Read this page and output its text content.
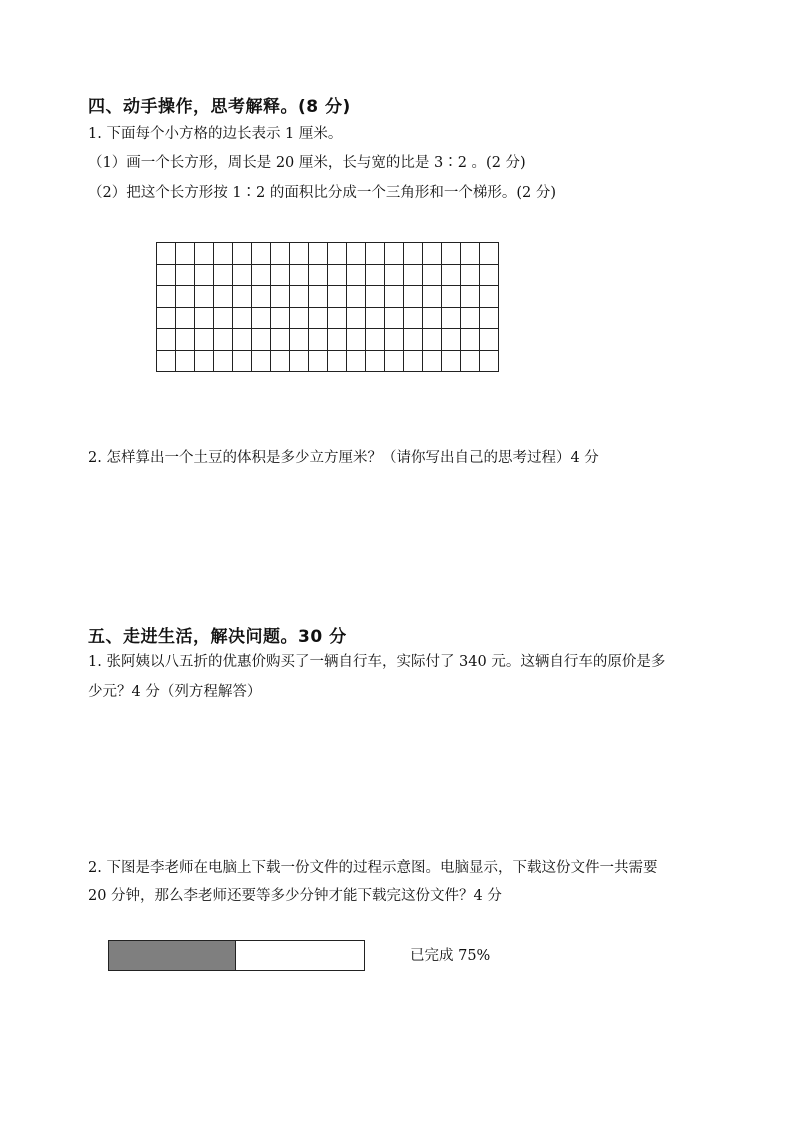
四、动手操作，思考解释。(8 分)
1. 下面每个小方格的边长表示 1 厘米。
（1）画一个长方形，周长是 20 厘米，长与宽的比是 3∶2 。(2 分)
（2）把这个长方形按 1∶2 的面积比分成一个三角形和一个梯形。(2 分)
2. 怎样算出一个土豆的体积是多少立方厘米？（请你写出自己的思考过程）4 分
五、走进生活，解决问题。30 分
1. 张阿姨以八五折的优惠价购买了一辆自行车，实际付了 340 元。这辆自行车的原价是多
少元？4 分（列方程解答）
2. 下图是李老师在电脑上下载一份文件的过程示意图。电脑显示，下载这份文件一共需要
20 分钟，那么李老师还要等多少分钟才能下载完这份文件？4 分
已完成 75%
